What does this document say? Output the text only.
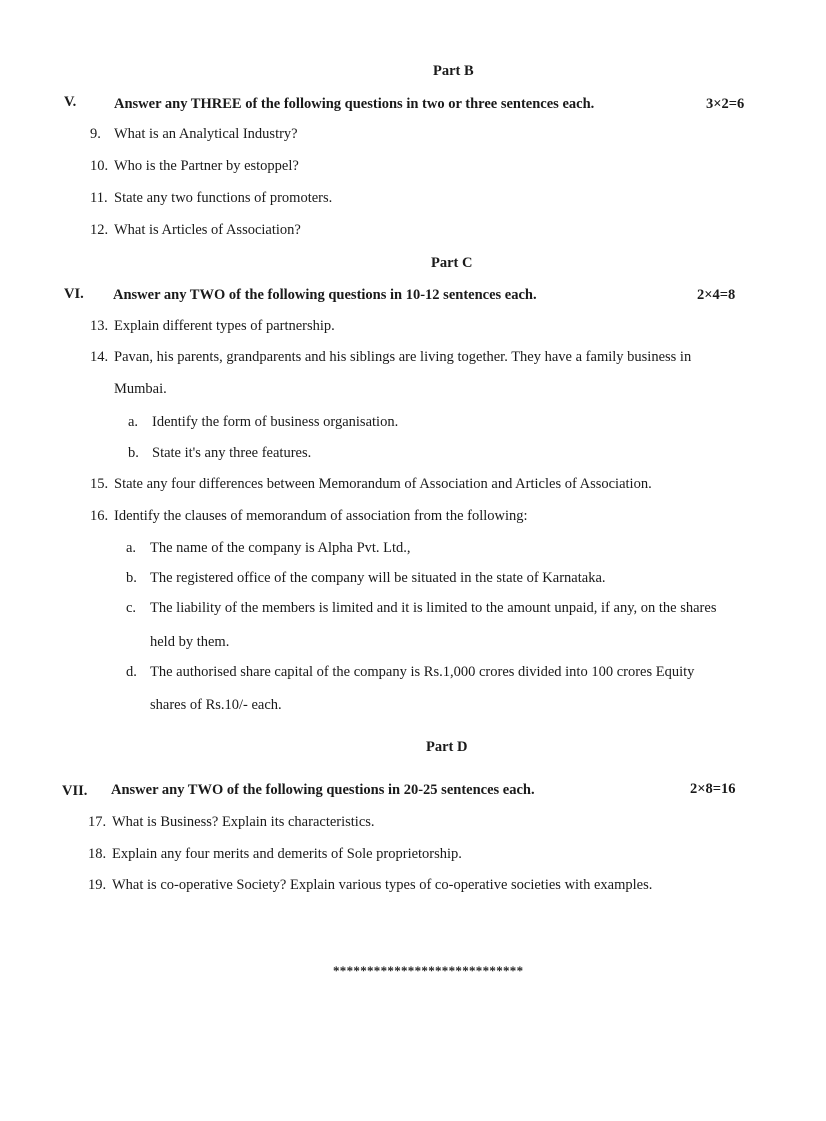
Part B
V.	Answer any THREE of the following questions in two or three sentences each.	3×2=6
9. What is an Analytical Industry?
10. Who is the Partner by estoppel?
11. State any two functions of promoters.
12. What is Articles of Association?
Part C
VI. Answer any TWO of the following questions in 10-12 sentences each.	2×4=8
13. Explain different types of partnership.
14. Pavan, his parents, grandparents and his siblings are living together. They have a family business in
Mumbai.
a. Identify the form of business organisation.
b. State it's any three features.
15. State any four differences between Memorandum of Association and Articles of Association.
16. Identify the clauses of memorandum of association from the following:
a. The name of the company is Alpha Pvt. Ltd.,
b. The registered office of the company will be situated in the state of Karnataka.
c. The liability of the members is limited and it is limited to the amount unpaid, if any, on the shares
held by them.
d. The authorised share capital of the company is Rs.1,000 crores divided into 100 crores Equity
shares of Rs.10/- each.
Part D
VII. Answer any TWO of the following questions in 20-25 sentences each.	2×8=16
17. What is Business? Explain its characteristics.
18. Explain any four merits and demerits of Sole proprietorship.
19. What is co-operative Society? Explain various types of co-operative societies with examples.
****************************
